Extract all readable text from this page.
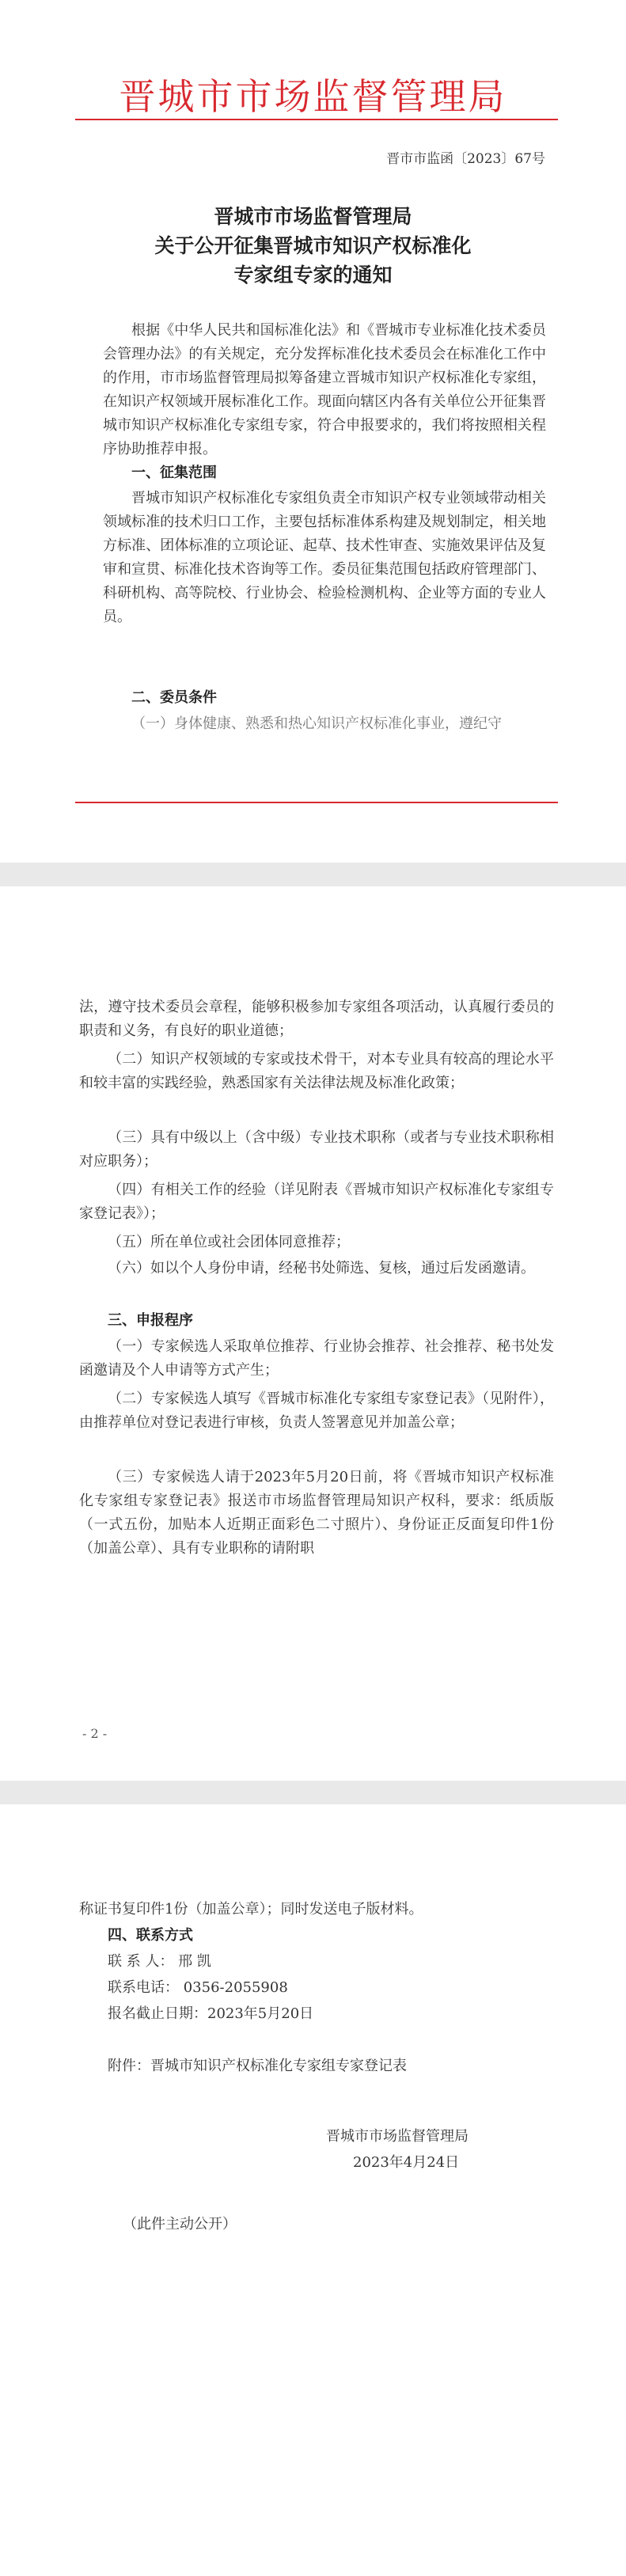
晋城市市场监督管理局
晋市市监函〔2023〕67号
晋城市市场监督管理局
关于公开征集晋城市知识产权标准化
专家组专家的通知

根据《中华人民共和国标准化法》和《晋城市专业标准化技术委员会管理办法》的有关规定，充分发挥标准化技术委员会在标准化工作中的作用，市市场监督管理局拟筹备建立晋城市知识产权标准化专家组，在知识产权领域开展标准化工作。现面向辖区内各有关单位公开征集晋城市知识产权标准化专家组专家，符合申报要求的，我们将按照相关程序协助推荐申报。

一、征集范围

晋城市知识产权标准化专家组负责全市知识产权专业领域带动相关领域标准的技术归口工作，主要包括标准体系构建及规划制定，相关地方标准、团体标准的立项论证、起草、技术性审查、实施效果评估及复审和宣贯、标准化技术咨询等工作。委员征集范围包括政府管理部门、科研机构、高等院校、行业协会、检验检测机构、企业等方面的专业人员。

二、委员条件

（一）身体健康、熟悉和热心知识产权标准化事业，遵纪守

法，遵守技术委员会章程，能够积极参加专家组各项活动，认真履行委员的职责和义务，有良好的职业道德；

（二）知识产权领域的专家或技术骨干，对本专业具有较高的理论水平和较丰富的实践经验，熟悉国家有关法律法规及标准化政策；

（三）具有中级以上（含中级）专业技术职称（或者与专业技术职称相对应职务）；

（四）有相关工作的经验（详见附表《晋城市知识产权标准化专家组专家登记表》）；

（五）所在单位或社会团体同意推荐；

（六）如以个人身份申请，经秘书处筛选、复核，通过后发函邀请。

三、申报程序

（一）专家候选人采取单位推荐、行业协会推荐、社会推荐、秘书处发函邀请及个人申请等方式产生；

（二）专家候选人填写《晋城市标准化专家组专家登记表》（见附件），由推荐单位对登记表进行审核，负责人签署意见并加盖公章；

（三）专家候选人请于2023年5月20日前，将《晋城市知识产权标准化专家组专家登记表》报送市市场监督管理局知识产权科，要求：纸质版（一式五份，加贴本人近期正面彩色二寸照片）、身份证正反面复印件1份（加盖公章）、具有专业职称的请附职

- 2 -

称证书复印件1份（加盖公章）；同时发送电子版材料。

四、联系方式

联 系 人： 邢 凯

联系电话： 0356-2055908

报名截止日期：2023年5月20日

附件：晋城市知识产权标准化专家组专家登记表

晋城市市场监督管理局

2023年4月24日

（此件主动公开）
